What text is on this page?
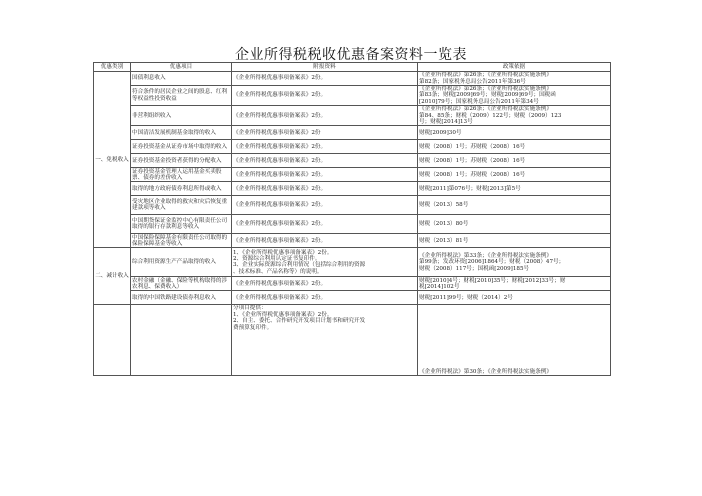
企业所得税税收优惠备案资料一览表
优惠类别	优惠项目	附报资料	政策依据
一、免税收入	国债利息收入	《企业所得税优惠事项备案表》2份。	《企业所得税法》第26条；《企业所得税法实施条例》
第82条；国家税务总局公告2011年第36号

	符合条件的居民企业之间的股息、红利等权益性投资收益	《企业所得税优惠事项备案表》2份。	《企业所得税法》第26条；《企业所得税法实施条例》
第83条；财税[2009]69号；财税[2009]69号；国税函
[2010]79号；国家税务总局公告2011年第34号

	非营利组织收入	《企业所得税优惠事项备案表》2份。	《企业所得税法》第26条；《企业所得税法实施条例》
第84、85条；财税（2009）122号；财税（2009）123
号；财税[2014]13号

	中国清洁发展机制基金取得的收入	《企业所得税优惠事项备案表》2份	财税[2009]30号

	证券投资基金从证券市场中取得的收入	《企业所得税优惠事项备案表》2份。	财税（2008）1号；苏财税（2008）16号

	证券投资基金投资者获得的分配收入	《企业所得税优惠事项备案表》2份。	财税（2008）1号；苏财税（2008）16号

	证券投资基金管理人运用基金买卖股票、债券的差价收入	《企业所得税优惠事项备案表》2份。	财税（2008）1号；苏财税（2008）16号

	取得的地方政府债券利息所得或收入	《企业所得税优惠事项备案表》2份。	财税[2011]第076号；财税[2013]第5号

	受灾地区企业取得的救灾和灾后恢复重建款项等收入	《企业所得税优惠事项备案表》2份。	财税（2013）58号

	中国期货保证金监控中心有限责任公司取得的银行存款利息等收入	《企业所得税优惠事项备案表》2份。	财税（2013）80号

	中国保险保障基金有限责任公司取得的保险保障基金等收入	《企业所得税优惠事项备案表》2份。	财税（2013）81号

二、减计收入	综合利用资源生产产品取得的收入	1、《企业所得税优惠事项备案表》2份。
2、资源综合利用认定证书复印件。
3、企业实际资源综合利用情况（包括综合利用的资源
、技术标准、产品名称等）的说明。	《企业所得税法》第33条；《企业所得税法实施条例》
第99条；发改环资[2006]1864号；财税（2008）47号；
财税（2008）117号；国税函[2009]185号

	农村金融（金融、保险等机构取得的涉农利息、保费收入）	《企业所得税优惠事项备案表》2份。	财税[2010]4号；财税[2010]35号；财税[2012]33号；财
税[2014]102号

	取得的中国铁路建设债券利息收入	《企业所得税优惠事项备案表》2份。	财税[2011]99号；财税（2014）2号

		分项目提供：
1、《企业所得税优惠事项备案表》2份。
2、自主、委托、合作研究开发项目计划书和研究开发
费预算复印件。	《企业所得税法》第30条；《企业所得税法实施条例》
